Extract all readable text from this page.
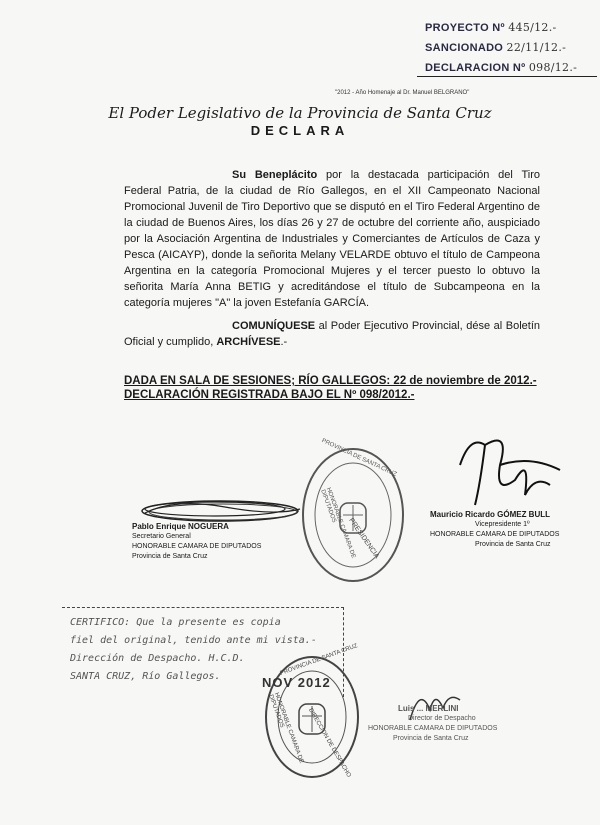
PROYECTO Nº 445/12.-
SANCIONADO 22/11/12.-
DECLARACION Nº 098/12.-
"2012 - Año Homenaje al Dr. Manuel BELGRANO"
El Poder Legislativo de la Provincia de Santa Cruz
DECLARA
Su Beneplácito por la destacada participación del Tiro Federal Patria, de la ciudad de Río Gallegos, en el XII Campeonato Nacional Promocional Juvenil de Tiro Deportivo que se disputó en el Tiro Federal Argentino de la ciudad de Buenos Aires, los días 26 y 27 de octubre del corriente año, auspiciado por la Asociación Argentina de Industriales y Comerciantes de Artículos de Caza y Pesca (AICAYP), donde la señorita Melany VELARDE obtuvo el título de Campeona Argentina en la categoría Promocional Mujeres y el tercer puesto lo obtuvo la señorita María Anna BETIG y acreditándose el título de Subcampeona en la categoría mujeres "A" la joven Estefanía GARCÍA.
COMUNÍQUESE al Poder Ejecutivo Provincial, dése al Boletín Oficial y cumplido, ARCHÍVESE.-
DADA EN SALA DE SESIONES; RÍO GALLEGOS: 22 de noviembre de 2012.-
DECLARACIÓN REGISTRADA BAJO EL Nº 098/2012.-
Pablo Enrique NOGUERA
Secretario General
HONORABLE CAMARA DE DIPUTADOS
Provincia de Santa Cruz
PROVINCIA DE SANTA CRUZ
HONORABLE CAMARA DE DIPUTADOS
PRESIDENCIA
Mauricio Ricardo GÓMEZ BULL
Vicepresidente 1º
HONORABLE CAMARA DE DIPUTADOS
Provincia de Santa Cruz
CERTIFICO: Que la presente es copia
fiel del original, tenido ante mi vista.-
Dirección de Despacho. H.C.D.
SANTA CRUZ, Río Gallegos.	PROVINCIA DE SANTA CRUZ
HONORABLE CAMARA DE DIPUTADOS	DIRECCION DE DESPACHO
NOV 2012
Luis ... MERLINI
Director de Despacho
HONORABLE CAMARA DE DIPUTADOS
Provincia de Santa Cruz
